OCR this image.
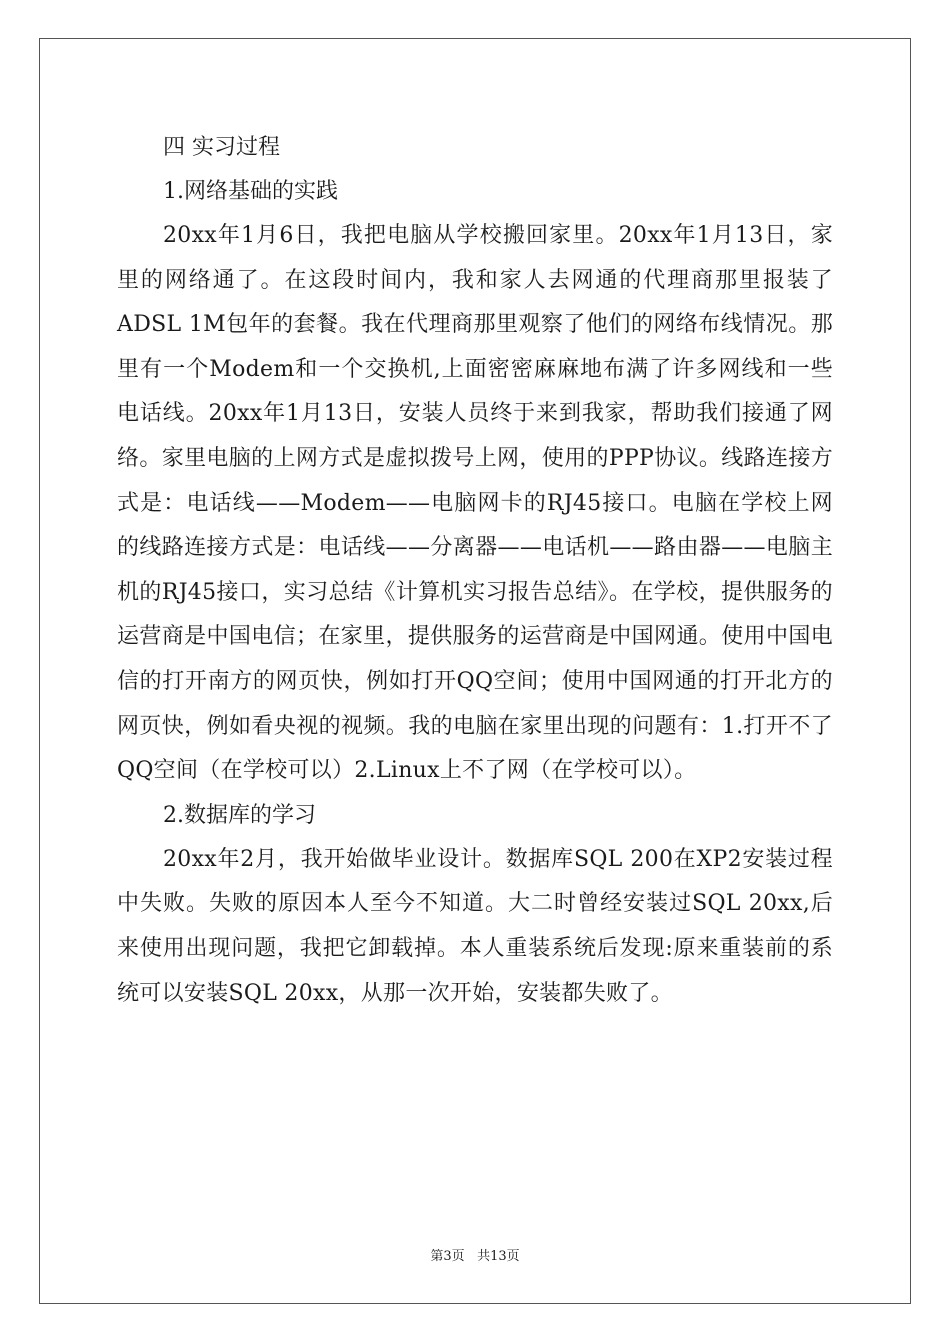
四 实习过程
1.网络基础的实践
20xx年1月6日，我把电脑从学校搬回家里。20xx年1月13日，家里的网络通了。在这段时间内，我和家人去网通的代理商那里报装了ADSL 1M包年的套餐。我在代理商那里观察了他们的网络布线情况。那里有一个Modem和一个交换机,上面密密麻麻地布满了许多网线和一些电话线。20xx年1月13日，安装人员终于来到我家，帮助我们接通了网络。家里电脑的上网方式是虚拟拨号上网，使用的PPP协议。线路连接方式是：电话线——Modem——电脑网卡的RJ45接口。电脑在学校上网的线路连接方式是：电话线——分离器——电话机——路由器——电脑主机的RJ45接口，实习总结《计算机实习报告总结》。在学校，提供服务的运营商是中国电信；在家里，提供服务的运营商是中国网通。使用中国电信的打开南方的网页快，例如打开QQ空间；使用中国网通的打开北方的网页快，例如看央视的视频。我的电脑在家里出现的问题有：1.打开不了QQ空间（在学校可以）2.Linux上不了网（在学校可以）。
2.数据库的学习
20xx年2月，我开始做毕业设计。数据库SQL 200在XP2安装过程中失败。失败的原因本人至今不知道。大二时曾经安装过SQL 20xx,后来使用出现问题，我把它卸载掉。本人重装系统后发现:原来重装前的系统可以安装SQL 20xx，从那一次开始，安装都失败了。
第3页 共13页
